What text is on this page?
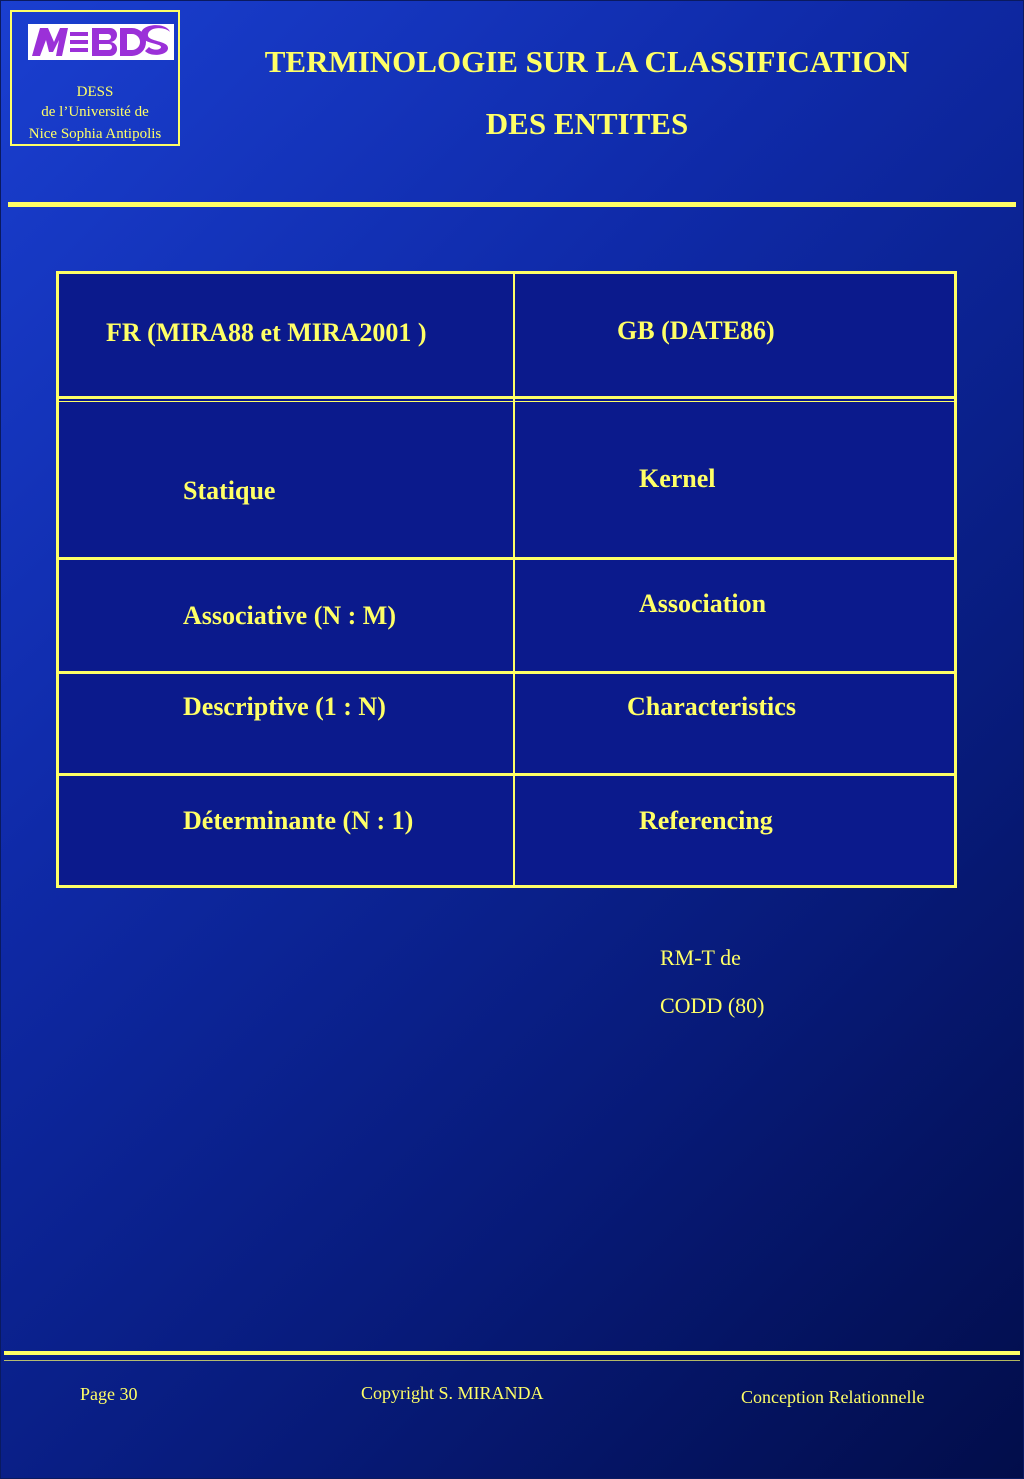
DESS
de l’Université de
Nice Sophia Antipolis
TERMINOLOGIE SUR LA CLASSIFICATION
DES ENTITES
FR (MIRA88 et MIRA2001 )	GB (DATE86)
Statique	Kernel
Associative (N : M)	Association
Descriptive (1 : N)	Characteristics
Déterminante (N : 1)	Referencing
RM-T de
CODD (80)
Page 30	Copyright S. MIRANDA	Conception Relationnelle
